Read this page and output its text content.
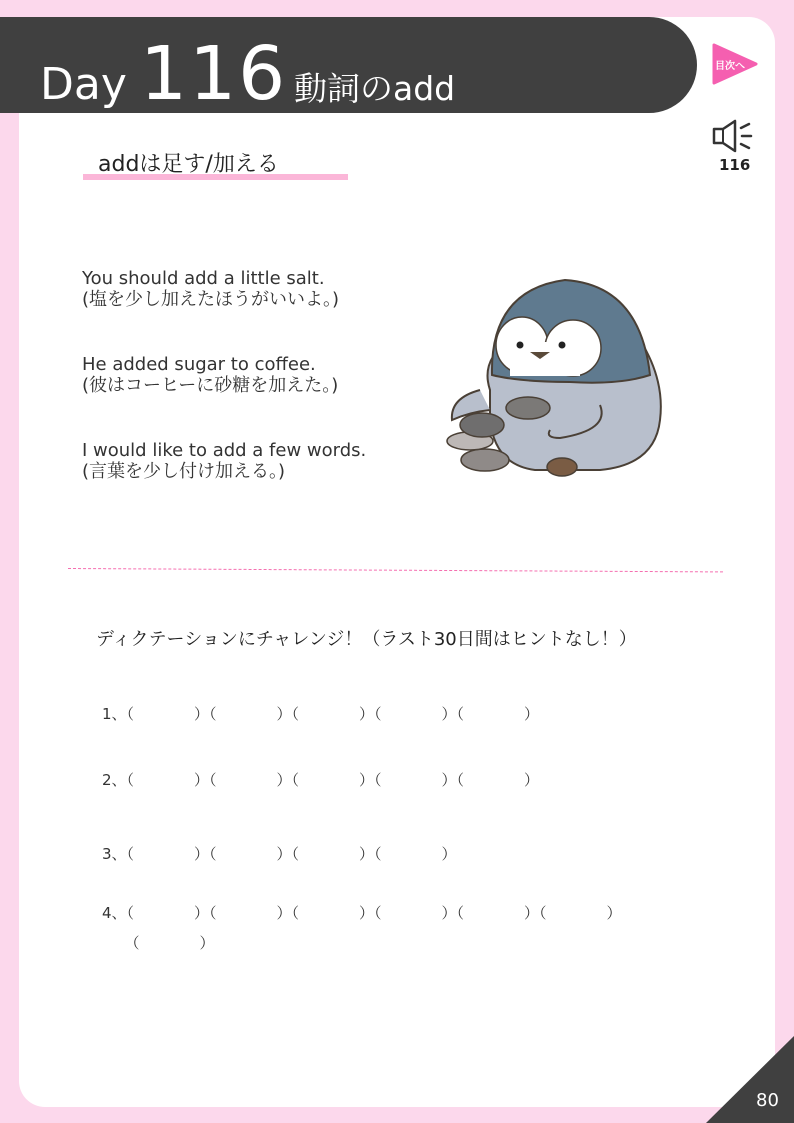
Day 116 動詞のadd
目次へ
116
addは足す/加える
You should add a little salt.
(塩を少し加えたほうがいいよ。)
He added sugar to coffee.
(彼はコーヒーに砂糖を加えた。)
I would like to add a few words.
(言葉を少し付け加える。)
ディクテーションにチャレンジ！（ラスト30日間はヒントなし！）
1、（　　　　）（　　　　）（　　　　）（　　　　）（　　　　）
2、（　　　　）（　　　　）（　　　　）（　　　　）（　　　　）
3、（　　　　）（　　　　）（　　　　）（　　　　）
4、（　　　　）（　　　　）（　　　　）（　　　　）（　　　　）（　　　　）
　　（　　　　）
80
